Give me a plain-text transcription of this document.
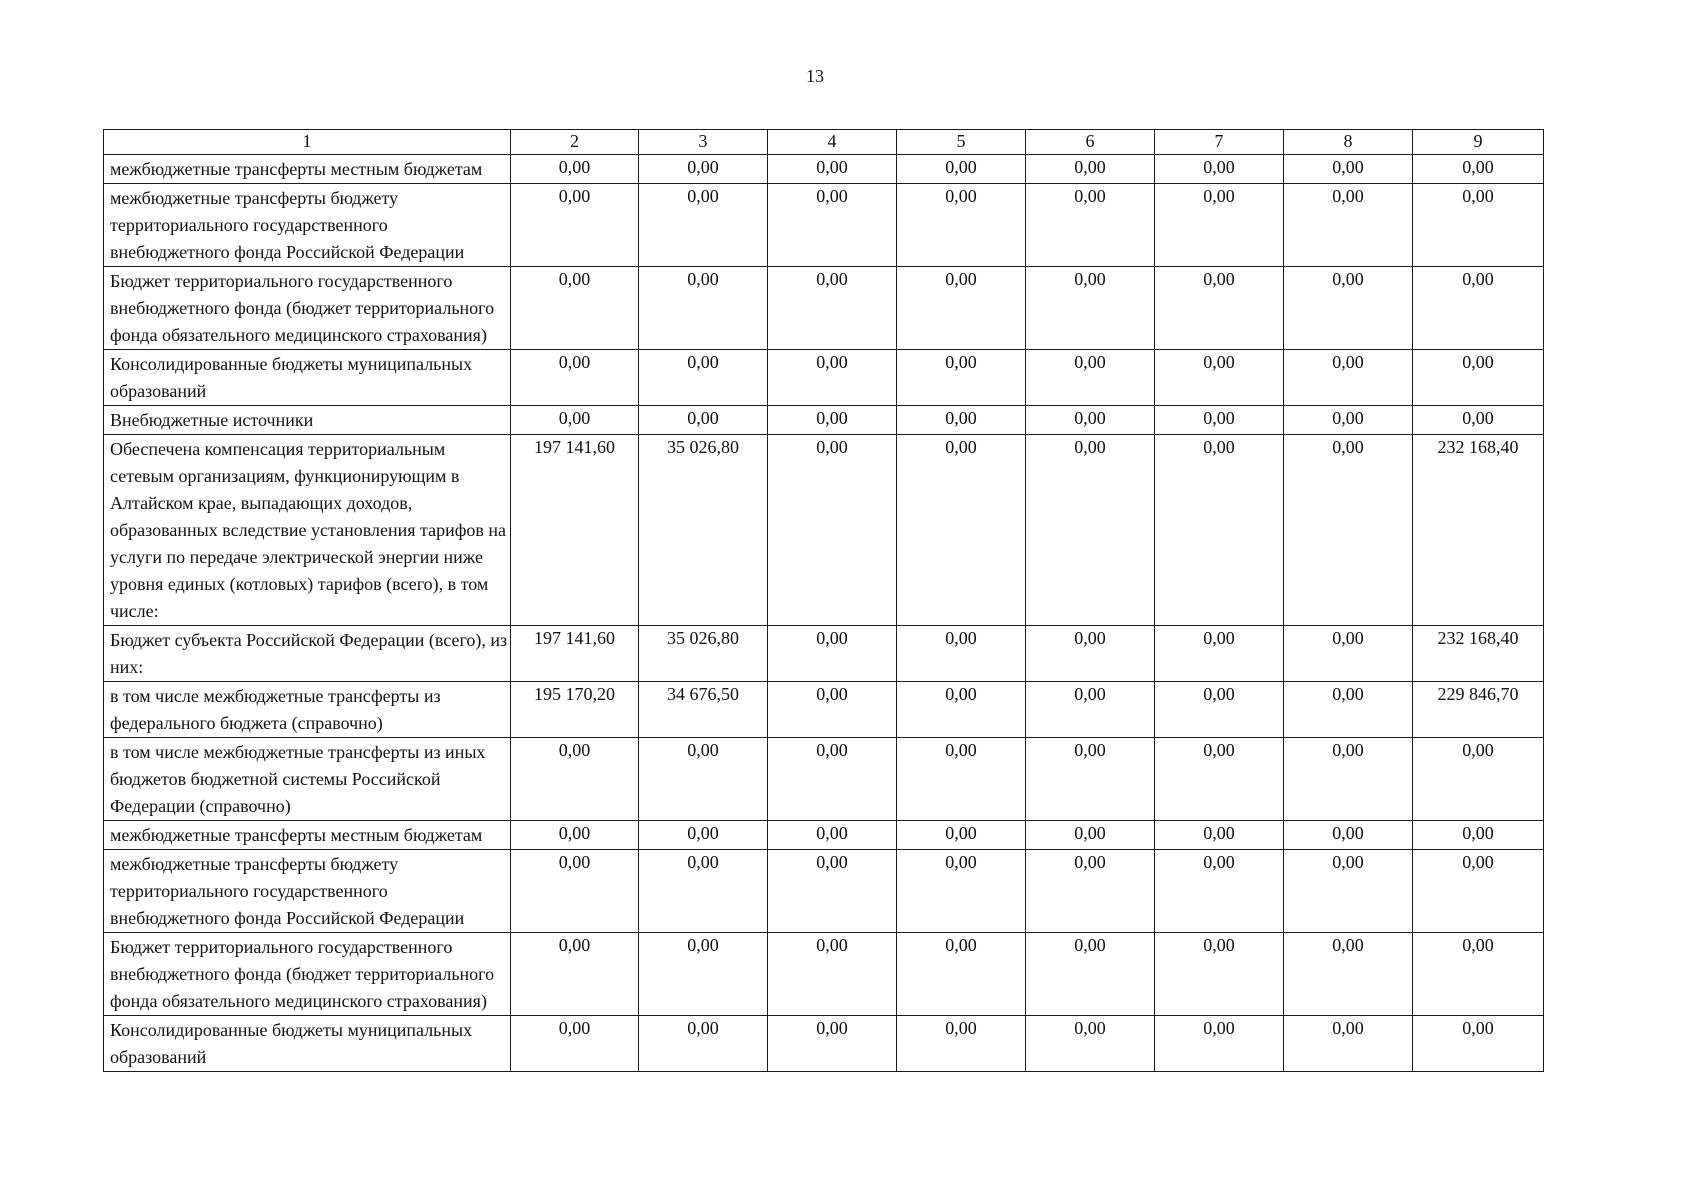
13
1	2	3	4	5	6	7	8	9
межбюджетные трансферты местным бюджетам	0,00	0,00	0,00	0,00	0,00	0,00	0,00	0,00
межбюджетные трансферты бюджету территориального государственного внебюджетного фонда Российской Федерации	0,00	0,00	0,00	0,00	0,00	0,00	0,00	0,00
Бюджет территориального государственного внебюджетного фонда (бюджет территориального фонда обязательного медицинского страхования)	0,00	0,00	0,00	0,00	0,00	0,00	0,00	0,00
Консолидированные бюджеты муниципальных образований	0,00	0,00	0,00	0,00	0,00	0,00	0,00	0,00
Внебюджетные источники	0,00	0,00	0,00	0,00	0,00	0,00	0,00	0,00
Обеспечена компенсация территориальным сетевым организациям, функционирующим в Алтайском крае, выпадающих доходов, образованных вследствие установления тарифов на услуги по передаче электрической энергии ниже уровня единых (котловых) тарифов (всего), в том числе:	197 141,60	35 026,80	0,00	0,00	0,00	0,00	0,00	232 168,40
Бюджет субъекта Российской Федерации (всего), из них:	197 141,60	35 026,80	0,00	0,00	0,00	0,00	0,00	232 168,40
в том числе межбюджетные трансферты из федерального бюджета (справочно)	195 170,20	34 676,50	0,00	0,00	0,00	0,00	0,00	229 846,70
в том числе межбюджетные трансферты из иных бюджетов бюджетной системы Российской Федерации (справочно)	0,00	0,00	0,00	0,00	0,00	0,00	0,00	0,00
межбюджетные трансферты местным бюджетам	0,00	0,00	0,00	0,00	0,00	0,00	0,00	0,00
межбюджетные трансферты бюджету территориального государственного внебюджетного фонда Российской Федерации	0,00	0,00	0,00	0,00	0,00	0,00	0,00	0,00
Бюджет территориального государственного внебюджетного фонда (бюджет территориального фонда обязательного медицинского страхования)	0,00	0,00	0,00	0,00	0,00	0,00	0,00	0,00
Консолидированные бюджеты муниципальных образований	0,00	0,00	0,00	0,00	0,00	0,00	0,00	0,00
